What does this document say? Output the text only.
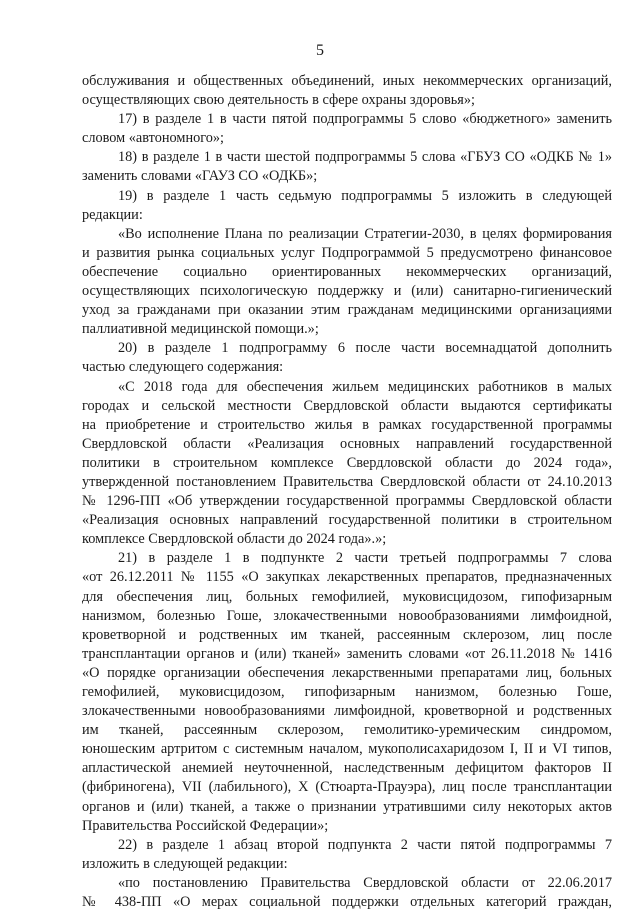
5
обслуживания и общественных объединений, иных некоммерческих организаций,
осуществляющих свою деятельность в сфере охраны здоровья»;
17) в разделе 1 в части пятой подпрограммы 5 слово «бюджетного» заменить
словом «автономного»;
18) в разделе 1 в части шестой подпрограммы 5 слова «ГБУЗ СО «ОДКБ № 1»
заменить словами «ГАУЗ СО «ОДКБ»;
19) в разделе 1 часть седьмую подпрограммы 5 изложить в следующей
редакции:
«Во исполнение Плана по реализации Стратегии-2030, в целях формирования
и развития рынка социальных услуг Подпрограммой 5 предусмотрено финансовое
обеспечение социально ориентированных некоммерческих организаций,
осуществляющих психологическую поддержку и (или) санитарно-гигиенический
уход за гражданами при оказании этим гражданам медицинскими организациями
паллиативной медицинской помощи.»;
20) в разделе 1 подпрограмму 6 после части восемнадцатой дополнить
частью следующего содержания:
«С 2018 года для обеспечения жильем медицинских работников в малых
городах и сельской местности Свердловской области выдаются сертификаты
на приобретение и строительство жилья в рамках государственной программы
Свердловской области «Реализация основных направлений государственной
политики в строительном комплексе Свердловской области до 2024 года»,
утвержденной постановлением Правительства Свердловской области от 24.10.2013
№ 1296-ПП «Об утверждении государственной программы Свердловской области
«Реализация основных направлений государственной политики в строительном
комплексе Свердловской области до 2024 года».»;
21) в разделе 1 в подпункте 2 части третьей подпрограммы 7 слова
«от 26.12.2011 № 1155 «О закупках лекарственных препаратов, предназначенных
для обеспечения лиц, больных гемофилией, муковисцидозом, гипофизарным
нанизмом, болезнью Гоше, злокачественными новообразованиями лимфоидной,
кроветворной и родственных им тканей, рассеянным склерозом, лиц после
трансплантации органов и (или) тканей» заменить словами «от 26.11.2018 № 1416
«О порядке организации обеспечения лекарственными препаратами лиц, больных
гемофилией, муковисцидозом, гипофизарным нанизмом, болезнью Гоше,
злокачественными новообразованиями лимфоидной, кроветворной и родственных
им тканей, рассеянным склерозом, гемолитико-уремическим синдромом,
юношеским артритом с системным началом, мукополисахаридозом I, II и VI типов,
апластической анемией неуточненной, наследственным дефицитом факторов II
(фибриногена), VII (лабильного), X (Стюарта-Прауэра), лиц после трансплантации
органов и (или) тканей, а также о признании утратившими силу некоторых актов
Правительства Российской Федерации»;
22) в разделе 1 абзац второй подпункта 2 части пятой подпрограммы 7
изложить в следующей редакции:
«по постановлению Правительства Свердловской области от 22.06.2017
№ 438-ПП «О мерах социальной поддержки отдельных категорий граждан,
